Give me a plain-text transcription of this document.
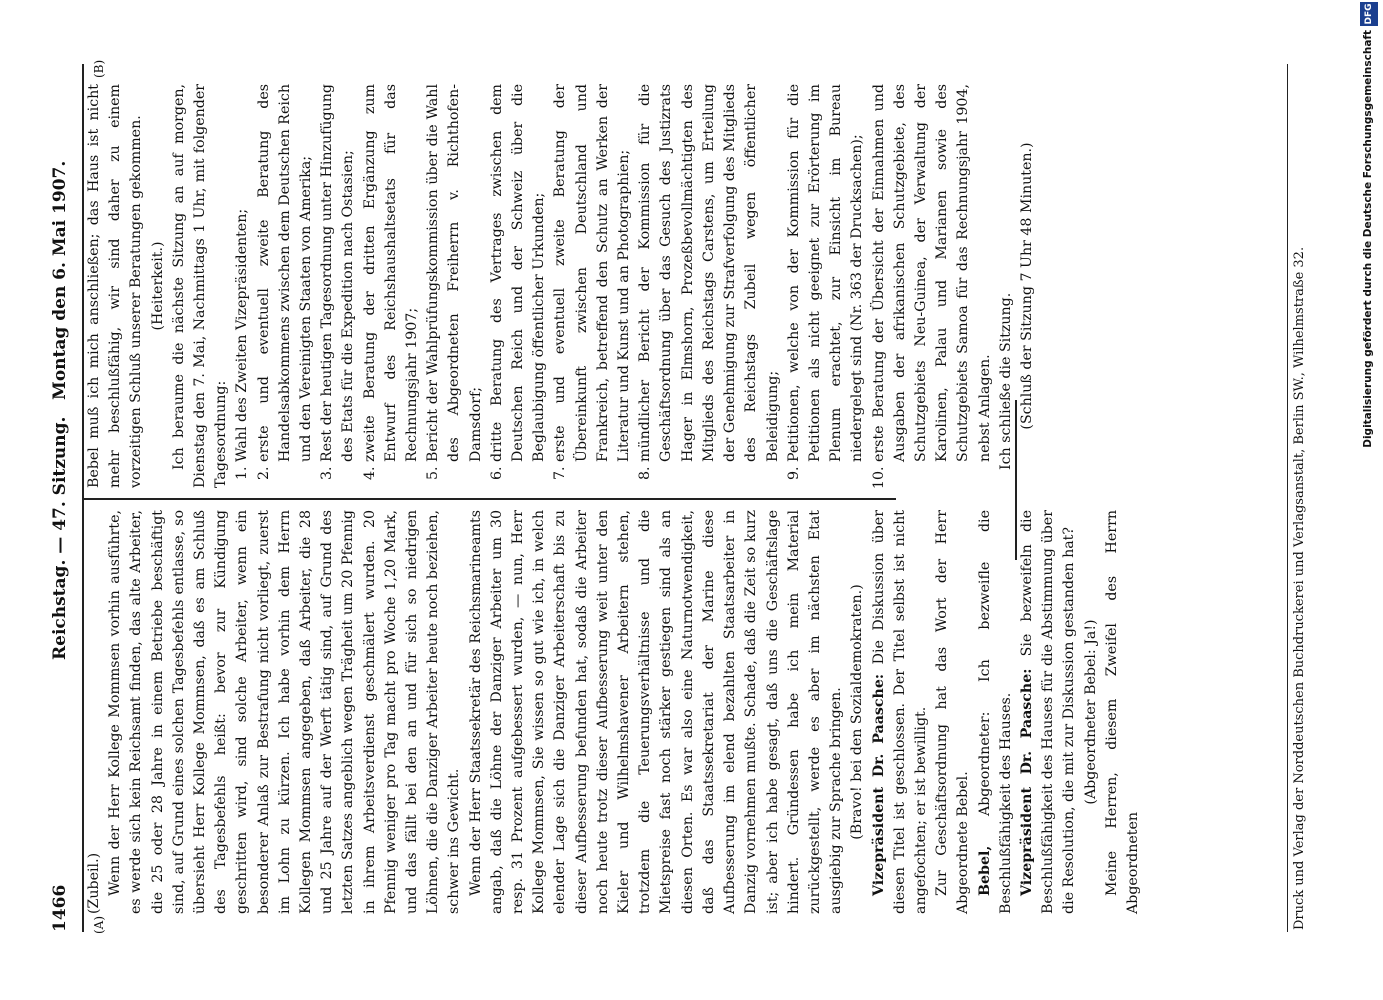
1466
Reichstag. — 47. Sitzung.
Montag den 6. Mai 1907.
(A)
(B)

(Zubeil.) Wenn der Herr Kollege Mommsen vorhin ausführte, es werde sich kein Reichsamt finden, das alte Arbeiter, die 25 oder 28 Jahre in einem Betriebe beschäftigt sind, auf Grund eines solchen Tagesbefehls entlasse, so übersieht Herr Kollege Mommsen, daß es am Schluß des Tagesbefehls heißt: bevor zur Kündigung geschritten wird, sind solche Arbeiter, wenn ein besonderer Anlaß zur Bestrafung nicht vorliegt, zuerst im Lohn zu kürzen. Ich habe vorhin dem Herrn Kollegen Mommsen angegeben, daß Arbeiter, die 28 und 25 Jahre auf der Werft tätig sind, auf Grund des letzten Satzes angeblich wegen Trägheit um 20 Pfennig in ihrem Arbeitsverdienst geschmälert wurden. 20 Pfennig weniger pro Tag macht pro Woche 1,20 Mark, und das fällt bei den an und für sich so niedrigen Löhnen, die die Danziger Arbeiter heute noch beziehen, schwer ins Gewicht. Wenn der Herr Staatssekretär des Reichsmarineamts angab, daß die Löhne der Danziger Arbeiter um 30 resp. 31 Prozent aufgebessert wurden, — nun, Herr Kollege Mommsen, Sie wissen so gut wie ich, in welch elender Lage sich die Danziger Arbeiterschaft bis zu dieser Aufbesserung befunden hat, sodaß die Arbeiter noch heute trotz dieser Aufbesserung weit unter den Kieler und Wilhelmshavener Arbeitern stehen, trotzdem die Teuerungsverhältnisse und die Mietspreise fast noch stärker gestiegen sind als an diesen Orten. Es war also eine Naturnotwendigkeit, daß das Staatssekretariat der Marine diese Aufbesserung im elend bezahlten Staatsarbeiter in Danzig vornehmen mußte. Schade, daß die Zeit so kurz ist; aber ich habe gesagt, daß uns die Geschäftslage hindert. Gründessen habe ich mein Material zurückgestellt, werde es aber im nächsten Etat ausgiebig zur Sprache bringen. (Bravo! bei den Sozialdemokraten.) Vizepräsident Dr. Paasche: Die Diskussion über diesen Titel ist geschlossen. Der Titel selbst ist nicht angefochten; er ist bewilligt. Zur Geschäftsordnung hat das Wort der Herr Abgeordnete Bebel. Bebel, Abgeordneter: Ich bezweifle die Beschlußfähigkeit des Hauses. Vizepräsident Dr. Paasche: Sie bezweifeln die Beschlußfähigkeit des Hauses für die Abstimmung über die Resolution, die mit zur Diskussion gestanden hat? (Abgeordneter Bebel: Ja!) Meine Herren, diesem Zweifel des Herrn Abgeordneten

Bebel muß ich mich anschließen; das Haus ist nicht mehr beschlußfähig, wir sind daher zu einem vorzeitigen Schluß unserer Beratungen gekommen. (Heiterkeit.) Ich beraume die nächste Sitzung an auf morgen, Dienstag den 7. Mai, Nachmittags 1 Uhr, mit folgender Tagesordnung: 1. Wahl des Zweiten Vizepräsidenten; 2. erste und eventuell zweite Beratung des Handelsabkommens zwischen dem Deutschen Reich und den Vereinigten Staaten von Amerika; 3. Rest der heutigen Tagesordnung unter Hinzufügung des Etats für die Expedition nach Ostasien; 4. zweite Beratung der dritten Ergänzung zum Entwurf des Reichshaushaltsetats für das Rechnungsjahr 1907; 5. Bericht der Wahlprüfungskommission über die Wahl des Abgeordneten Freiherrn v. Richthofen-Damsdorf; 6. dritte Beratung des Vertrages zwischen dem Deutschen Reich und der Schweiz über die Beglaubigung öffentlicher Urkunden; 7. erste und eventuell zweite Beratung der Übereinkunft zwischen Deutschland und Frankreich, betreffend den Schutz an Werken der Literatur und Kunst und an Photographien; 8. mündlicher Bericht der Kommission für die Geschäftsordnung über das Gesuch des Justizrats Hager in Elmshorn, Prozeßbevollmächtigten des Mitglieds des Reichstags Carstens, um Erteilung der Genehmigung zur Strafverfolgung des Mitglieds des Reichstags Zubeil wegen öffentlicher Beleidigung; 9. Petitionen, welche von der Kommission für die Petitionen als nicht geeignet zur Erörterung im Plenum erachtet, zur Einsicht im Bureau niedergelegt sind (Nr. 363 der Drucksachen); 10. erste Beratung der Übersicht der Einnahmen und Ausgaben der afrikanischen Schutzgebiete, des Schutzgebiets Neu-Guinea, der Verwaltung der Karolinen, Palau und Marianen sowie des Schutzgebiets Samoa für das Rechnungsjahr 1904, nebst Anlagen. Ich schließe die Sitzung. (Schluß der Sitzung 7 Uhr 48 Minuten.)	Druck und Verlag der Norddeutschen Buchdruckerei und Verlagsanstalt, Berlin SW., Wilhelmstraße 32.
Digitalisierung gefördert durch die Deutsche Forschungsgemeinschaft
DFG
